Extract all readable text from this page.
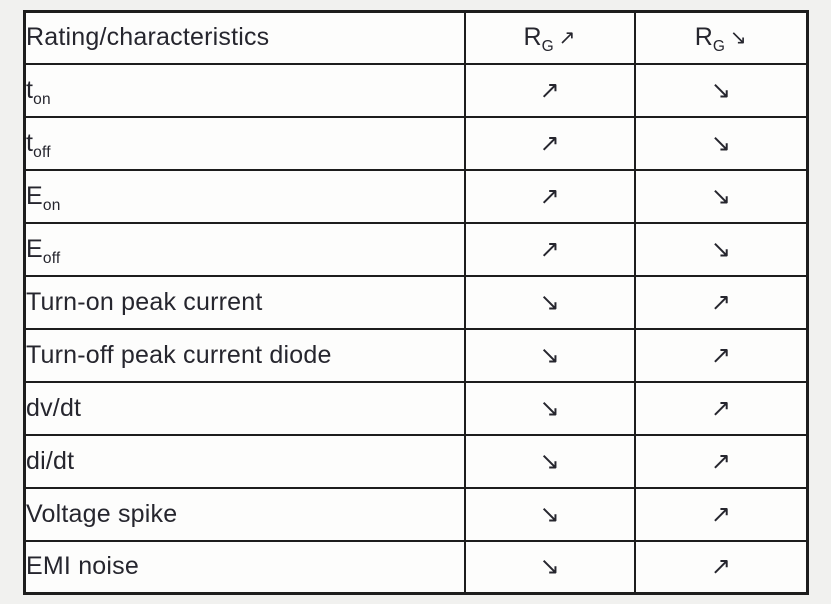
Rating/characteristics	$R_G$ ↗	$R_G$ ↘
$t_{on}$	↗	↘
$t_{off}$	↗	↘
$E_{on}$	↗	↘
$E_{off}$	↗	↘
Turn-on peak current	↘	↗
Turn-off peak current diode	↘	↗
dv/dt	↘	↗
di/dt	↘	↗
Voltage spike	↘	↗
EMI noise	↘	↗
